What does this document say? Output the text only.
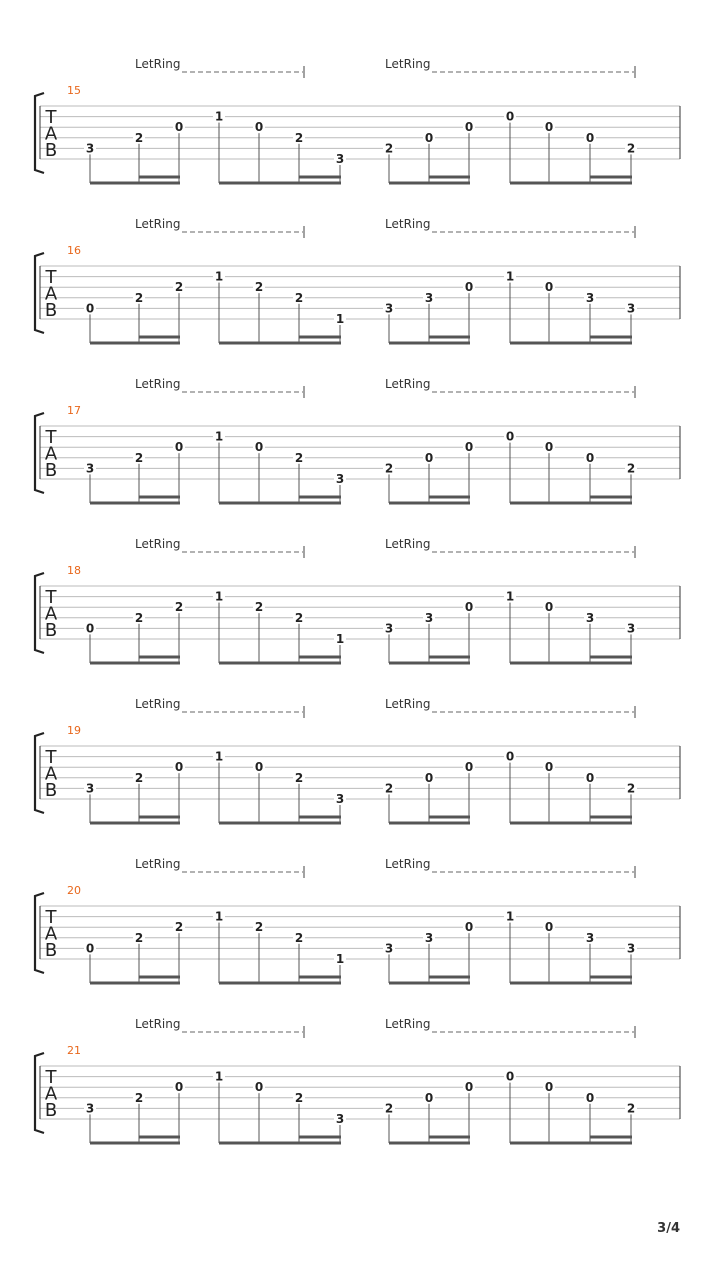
LetRing	LetRing
15
T
A
B 3
2
0
1
0
2
3
2
0
0
0
0
0
2
LetRing	LetRing
16
T
A
B 0
2
2
1
2
2
1
3
3
0
1
0
3
3
LetRing	LetRing
17
T
A
B 3
2
0
1
0
2
3
2
0
0
0
0
0
2
LetRing	LetRing
18
T
A
B 0
2
2
1
2
2
1
3
3
0
1
0
3
3
LetRing	LetRing
19
T
A
B 3
2
0
1
0
2
3
2
0
0
0
0
0
2
LetRing	LetRing
20
T
A
B 0
2
2
1
2
2
1
3
3
0
1
0
3
3
LetRing	LetRing
21
T
A
B 3
2
0
1
0
2
3
2
0
0
0
0
0
2
3/4
